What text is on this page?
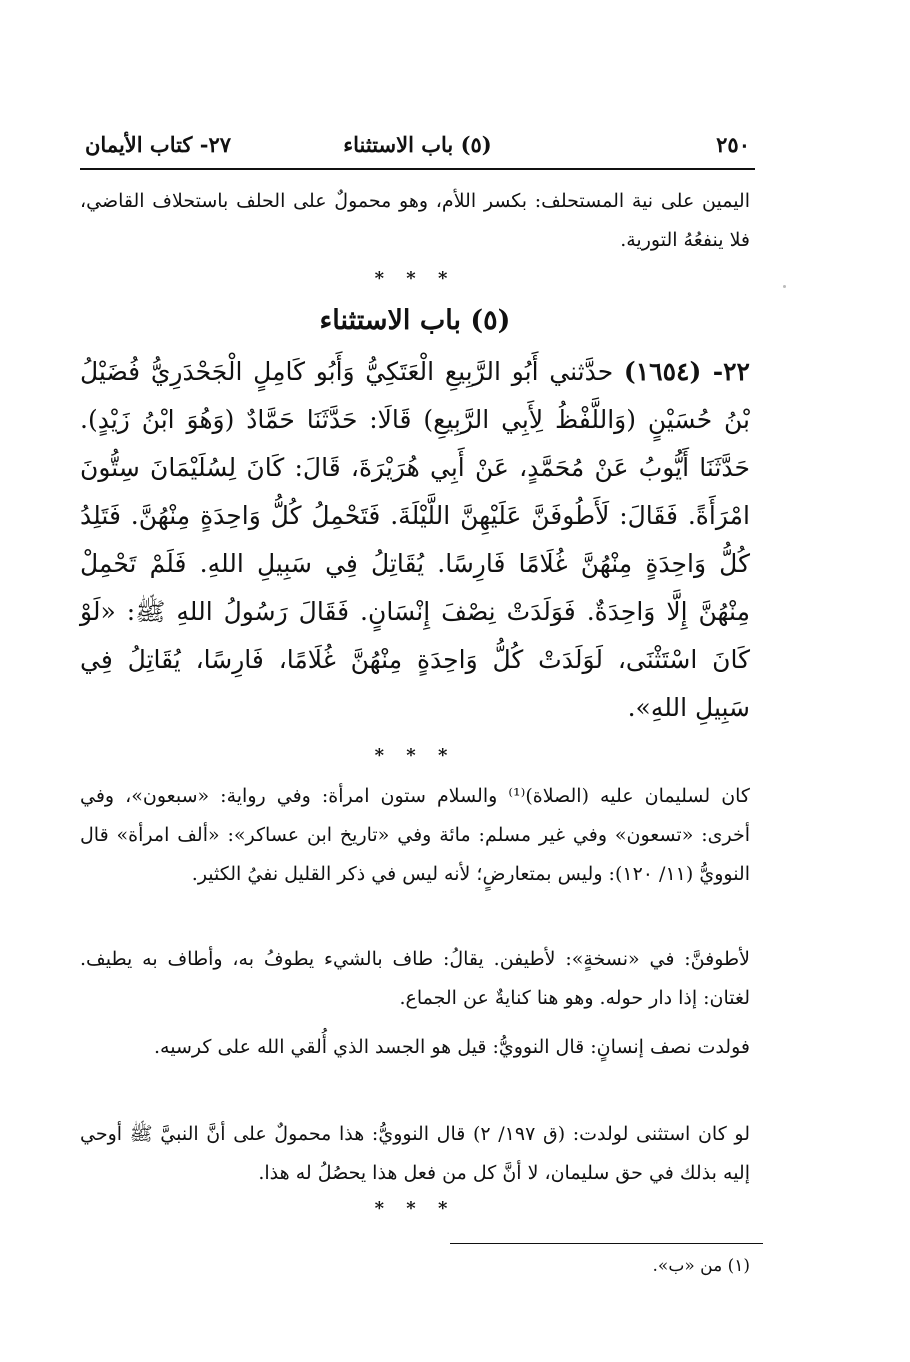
٢٥٠
(٥) باب الاستثناء
٢٧- كتاب الأيمان
اليمين على نية المستحلف: بكسر اللأم، وهو محمولٌ على الحلف باستحلاف القاضي، فلا ينفعُهُ التورية.
* * *
(٥) باب الاستثناء
٢٢- (١٦٥٤) حدَّثني أَبُو الرَّبِيعِ الْعَتَكِيُّ وَأَبُو كَامِلٍ الْجَحْدَرِيُّ فُضَيْلُ بْنُ حُسَيْنٍ (وَاللَّفْظُ لِأَبِي الرَّبِيعِ) قَالَا: حَدَّثَنَا حَمَّادٌ (وَهُوَ ابْنُ زَيْدٍ). حَدَّثَنَا أَيُّوبُ عَنْ مُحَمَّدٍ، عَنْ أَبِي هُرَيْرَةَ، قَالَ: كَانَ لِسُلَيْمَانَ سِتُّونَ امْرَأَةً. فَقَالَ: لَأَطُوفَنَّ عَلَيْهِنَّ اللَّيْلَةَ. فَتَحْمِلُ كُلُّ وَاحِدَةٍ مِنْهُنَّ. فَتَلِدُ كُلُّ وَاحِدَةٍ مِنْهُنَّ غُلَامًا فَارِسًا. يُقَاتِلُ فِي سَبِيلِ اللهِ. فَلَمْ تَحْمِلْ مِنْهُنَّ إِلَّا وَاحِدَةٌ. فَوَلَدَتْ نِصْفَ إِنْسَانٍ. فَقَالَ رَسُولُ اللهِ ﷺ: «لَوْ كَانَ اسْتَثْنَى، لَوَلَدَتْ كُلُّ وَاحِدَةٍ مِنْهُنَّ غُلَامًا، فَارِسًا، يُقَاتِلُ فِي سَبِيلِ اللهِ».
* * *
كان لسليمان عليه (الصلاة)⁽¹⁾ والسلام ستون امرأة: وفي رواية: «سبعون»، وفي أخرى: «تسعون» وفي غير مسلم: مائة وفي «تاريخ ابن عساكر»: «ألف امرأة» قال النوويُّ (١١/ ١٢٠): وليس بمتعارضٍ؛ لأنه ليس في ذكر القليل نفيُ الكثير.
لأطوفنَّ: في «نسخةٍ»: لأطيفن. يقالُ: طاف بالشيء يطوفُ به، وأطاف به يطيف. لغتان: إذا دار حوله. وهو هنا كنايةٌ عن الجماع.
فولدت نصف إنسانٍ: قال النوويُّ: قيل هو الجسد الذي أُلقي الله على كرسيه.
لو كان استثنى لولدت: (ق ١٩٧/ ٢) قال النوويُّ: هذا محمولٌ على أنَّ النبيَّ ﷺ أوحي إليه بذلك في حق سليمان، لا أنَّ كل من فعل هذا يحصُلُ له هذا.
* * *
(١) من «ب».
